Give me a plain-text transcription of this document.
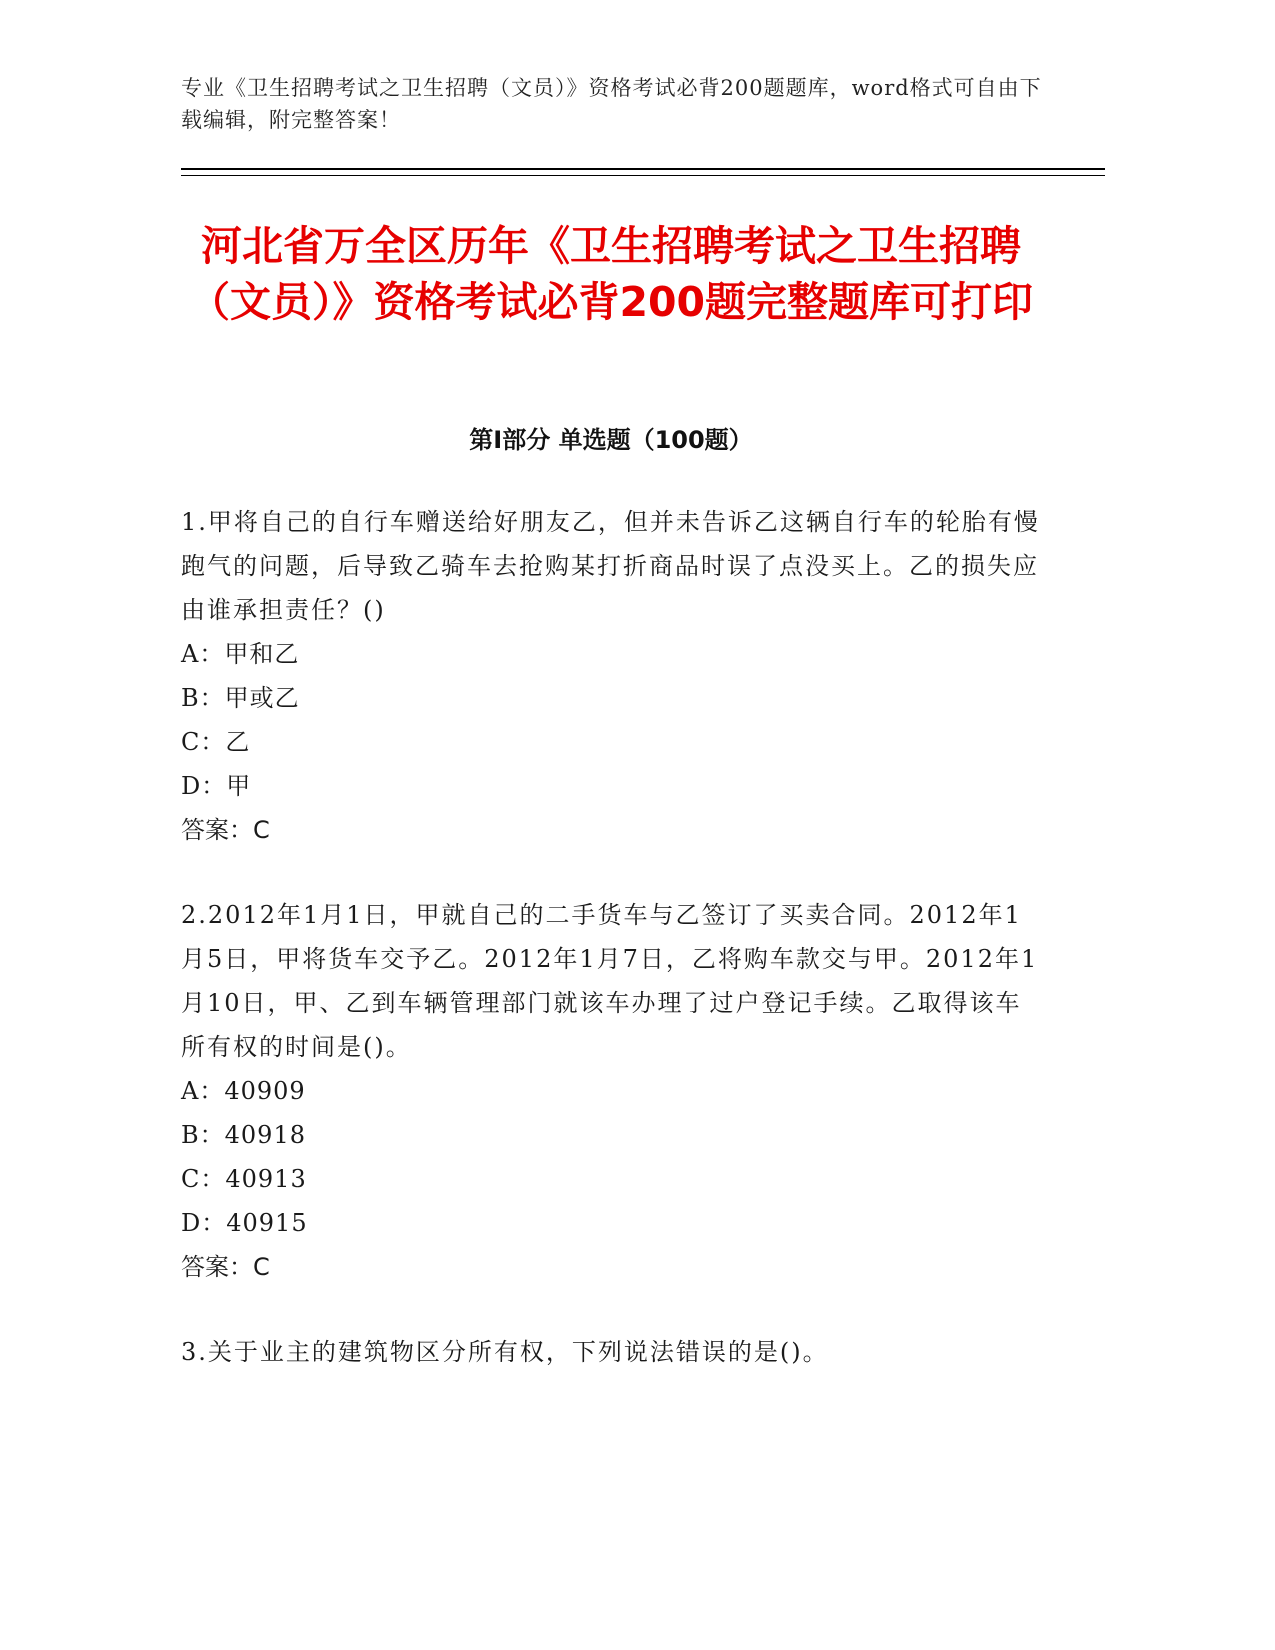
专业《卫生招聘考试之卫生招聘（文员）》资格考试必背200题题库，word格式可自由下载编辑，附完整答案！
河北省万全区历年《卫生招聘考试之卫生招聘（文员）》资格考试必背200题完整题库可打印
第I部分 单选题（100题）

1.甲将自己的自行车赠送给好朋友乙，但并未告诉乙这辆自行车的轮胎有慢跑气的问题，后导致乙骑车去抢购某打折商品时误了点没买上。乙的损失应由谁承担责任？()

A：甲和乙

B：甲或乙

C：乙

D：甲

答案：C

2.2012年1月1日，甲就自己的二手货车与乙签订了买卖合同。2012年1月5日，甲将货车交予乙。2012年1月7日，乙将购车款交与甲。2012年1月10日，甲、乙到车辆管理部门就该车办理了过户登记手续。乙取得该车所有权的时间是()。

A：40909

B：40918

C：40913

D：40915

答案：C

3.关于业主的建筑物区分所有权，下列说法错误的是()。
